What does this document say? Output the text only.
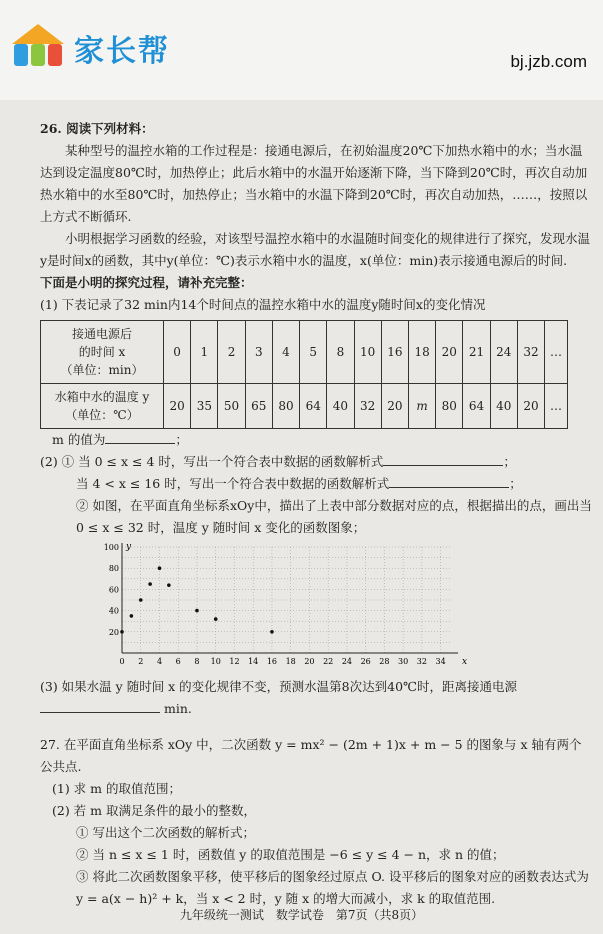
家长帮	bj.jzb.com

26. 阅读下列材料：

某种型号的温控水箱的工作过程是：接通电源后，在初始温度20℃下加热水箱中的水；当水温达到设定温度80℃时，加热停止；此后水箱中的水温开始逐渐下降，当下降到20℃时，再次自动加热水箱中的水至80℃时，加热停止；当水箱中的水温下降到20℃时，再次自动加热，……，按照以上方式不断循环.

小明根据学习函数的经验，对该型号温控水箱中的水温随时间变化的规律进行了探究，发现水温y是时间x的函数，其中y(单位：℃)表示水箱中水的温度，x(单位：min)表示接通电源后的时间.

下面是小明的探究过程，请补充完整：

(1) 下表记录了32 min内14个时间点的温控水箱中水的温度y随时间x的变化情况

接通电源后
的时间 x
（单位：min）	0	1	2	3	4	5	8	10	16	18	20	21	24	32	…

水箱中水的温度 y
（单位：℃）	20	35	50	65	80	64	40	32	20	m	80	64	40	20	…

m 的值为	；

(2) ① 当 0 ≤ x ≤ 4 时，写出一个符合表中数据的函数解析式	；

当 4 < x ≤ 16 时，写出一个符合表中数据的函数解析式	；

② 如图，在平面直角坐标系xOy中，描出了上表中部分数据对应的点，根据描出的点，画出当 0 ≤ x ≤ 32 时，温度 y 随时间 x 变化的函数图象；

0 2 4 6 8 10 12 14 16 18 20 22 24 26 28 30 32 34
20
40
60
80
100
x
y

(3) 如果水温 y 随时间 x 的变化规律不变，预测水温第8次达到40℃时，距离接通电源
min.

27. 在平面直角坐标系 xOy 中，二次函数 y = mx² − (2m + 1)x + m − 5 的图象与 x 轴有两个公共点.

(1) 求 m 的取值范围；

(2) 若 m 取满足条件的最小的整数，

① 写出这个二次函数的解析式；

② 当 n ≤ x ≤ 1 时，函数值 y 的取值范围是 −6 ≤ y ≤ 4 − n，求 n 的值；

③ 将此二次函数图象平移，使平移后的图象经过原点 O. 设平移后的图象对应的函数表达式为 y = a(x − h)² + k，当 x < 2 时，y 随 x 的增大而减小，求 k 的取值范围.

九年级统一测试　数学试卷　第7页（共8页）
